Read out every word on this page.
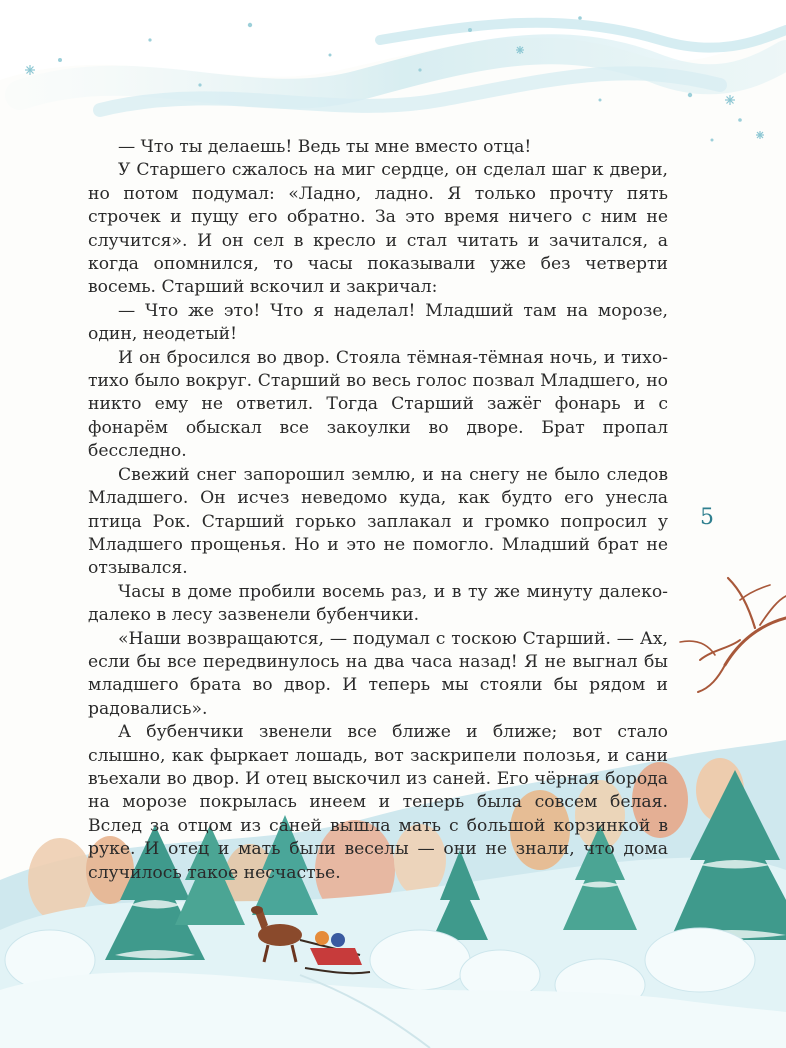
— Что ты делаешь! Ведь ты мне вместо отца!

У Старшего сжалось на миг сердце, он сделал шаг к двери, но потом подумал: «Ладно, ладно. Я только прочту пять строчек и пущу его обратно. За это время ничего с ним не случится». И он сел в кресло и стал читать и зачитался, а когда опомнился, то часы показывали уже без четверти восемь. Старший вскочил и закричал:

— Что же это! Что я наделал! Младший там на морозе, один, неодетый!

И он бросился во двор. Стояла тёмная-тёмная ночь, и тихо-тихо было вокруг. Старший во весь голос позвал Младшего, но никто ему не ответил. Тогда Старший зажёг фонарь и с фонарём обыскал все закоулки во дворе. Брат пропал бесследно.

Свежий снег запорошил землю, и на снегу не было следов Младшего. Он исчез неведомо куда, как будто его унесла птица Рок. Старший горько заплакал и громко попросил у Младшего прощенья. Но и это не помогло. Младший брат не отзывался.

Часы в доме пробили восемь раз, и в ту же минуту далеко-далеко в лесу зазвенели бубенчики.

«Наши возвращаются, — подумал с тоскою Старший. — Ах, если бы все передвинулось на два часа назад! Я не выгнал бы младшего брата во двор. И теперь мы стояли бы рядом и радовались».

А бубенчики звенели все ближе и ближе; вот стало слышно, как фыркает лошадь, вот заскрипели полозья, и сани въехали во двор. И отец выскочил из саней. Его чёрная борода на морозе покрылась инеем и теперь была совсем белая. Вслед за отцом из саней вышла мать с большой корзинкой в руке. И отец и мать были веселы — они не знали, что дома случилось такое несчастье.

5
